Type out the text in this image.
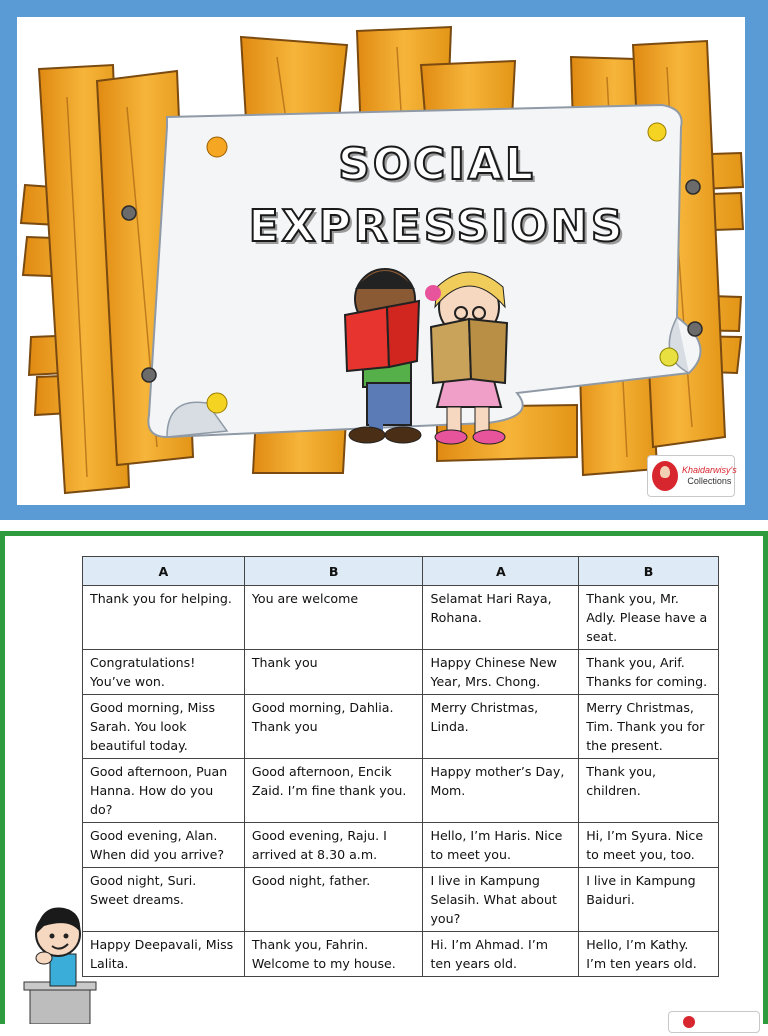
SOCIAL
EXPRESSIONS
Khaidarwisy's
Collections
A	B	A	B
Thank you for helping.	You are welcome	Selamat Hari Raya, Rohana.	Thank you, Mr. Adly. Please have a seat.
Congratulations! You’ve won.	Thank you	Happy Chinese New Year, Mrs. Chong.	Thank you, Arif. Thanks for coming.
Good morning, Miss Sarah. You look beautiful today.	Good morning, Dahlia. Thank you	Merry Christmas, Linda.	Merry Christmas, Tim. Thank you for the present.
Good afternoon, Puan Hanna. How do you do?	Good afternoon, Encik Zaid. I’m fine thank you.	Happy mother’s Day, Mom.	Thank you, children.
Good evening, Alan. When did you arrive?	Good evening, Raju. I arrived at 8.30 a.m.	Hello, I’m Haris. Nice to meet you.	Hi, I’m Syura. Nice to meet you, too.
Good night, Suri. Sweet dreams.	Good night, father.	I live in Kampung Selasih. What about you?	I live in Kampung Baiduri.
Happy Deepavali, Miss Lalita.	Thank you, Fahrin. Welcome to my house.	Hi. I’m Ahmad. I’m ten years old.	Hello, I’m Kathy. I’m ten years old.
